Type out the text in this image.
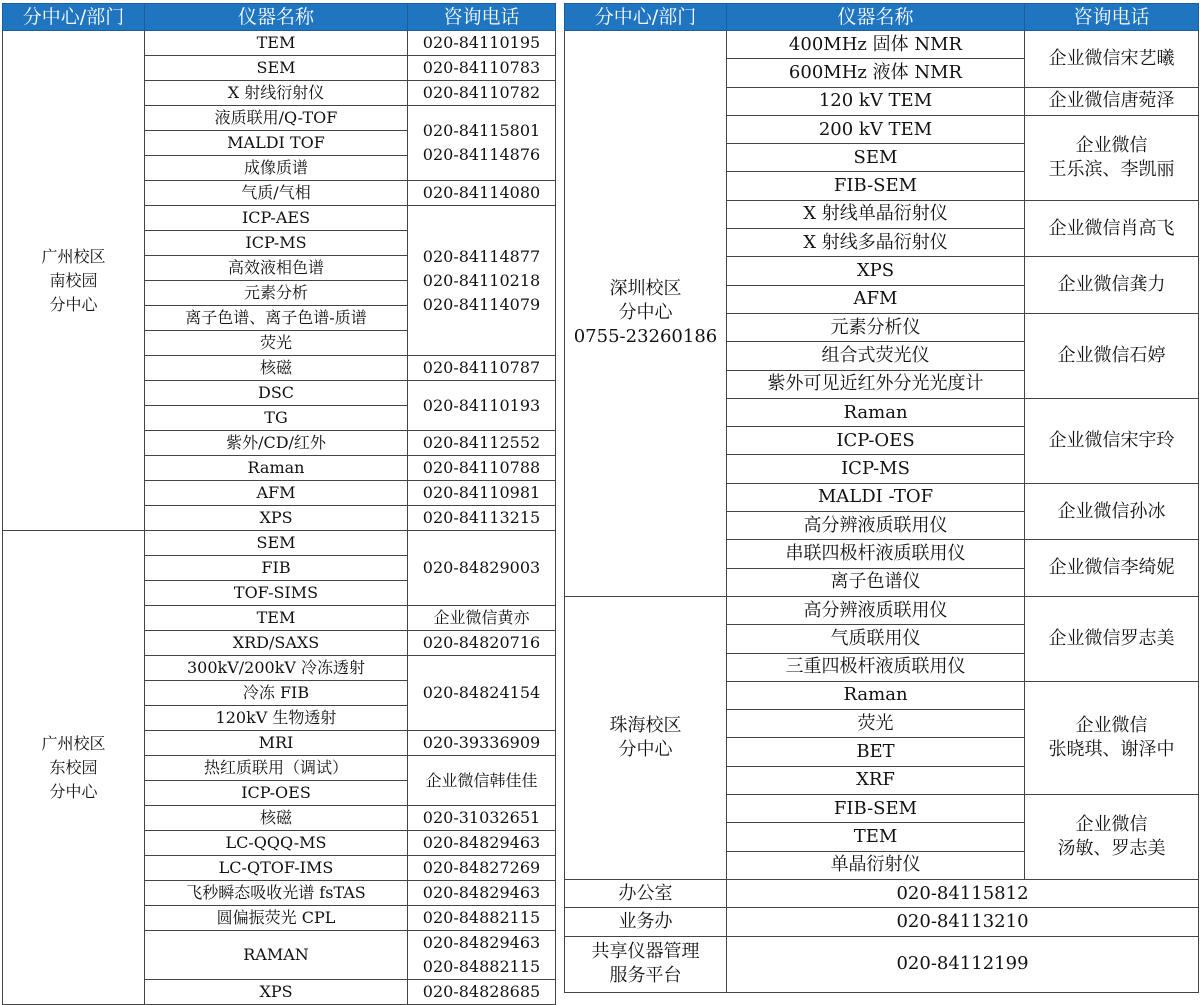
分中心/部门	仪器名称	咨询电话

广州校区
南校园
分中心	TEM	020-84110195

	SEM	020-84110783

	X 射线衍射仪	020-84110782

	液质联用/Q-TOF	020-84115801
020-84114876

	MALDI TOF	
	成像质谱	
	气质/气相	020-84114080

	ICP-AES	020-84114877
020-84110218
020-84114079

	ICP-MS	
	高效液相色谱	
	元素分析	
	离子色谱、离子色谱-质谱	
	荧光	
	核磁	020-84110787

	DSC	020-84110193

	TG	
	紫外/CD/红外	020-84112552

	Raman	020-84110788

	AFM	020-84110981

	XPS	020-84113215

广州校区
东校园
分中心	SEM	020-84829003

	FIB	
	TOF-SIMS	
	TEM	企业微信黄亦

	XRD/SAXS	020-84820716

	300kV/200kV 冷冻透射	020-84824154

	冷冻 FIB	
	120kV 生物透射	
	MRI	020-39336909

	热红质联用（调试）	企业微信韩佳佳

	ICP-OES	
	核磁	020-31032651

	LC-QQQ-MS	020-84829463

	LC-QTOF-IMS	020-84827269

	飞秒瞬态吸收光谱 fsTAS	020-84829463

	圆偏振荧光 CPL	020-84882115

	RAMAN	020-84829463
020-84882115

	XPS	020-84828685
分中心/部门	仪器名称	咨询电话

深圳校区
分中心
0755-23260186	400MHz 固体 NMR	企业微信宋艺曦

	600MHz 液体 NMR	
	120 kV TEM	企业微信唐菀泽

	200 kV TEM	企业微信
王乐滨、李凯丽

	SEM	
	FIB-SEM	
	X 射线单晶衍射仪	企业微信肖高飞

	X 射线多晶衍射仪	
	XPS	企业微信龚力

	AFM	
	元素分析仪	企业微信石婷

	组合式荧光仪	
	紫外可见近红外分光光度计	
	Raman	企业微信宋宇玲

	ICP-OES	
	ICP-MS	
	MALDI -TOF	企业微信孙冰

	高分辨液质联用仪	
	串联四极杆液质联用仪	企业微信李绮妮

	离子色谱仪	

珠海校区
分中心	高分辨液质联用仪	企业微信罗志美

	气质联用仪	
	三重四极杆液质联用仪	
	Raman	企业微信
张晓琪、谢泽中

	荧光	
	BET	
	XRF	
	FIB-SEM	企业微信
汤敏、罗志美

	TEM	
	单晶衍射仪	

办公室	020-84115812	

业务办	020-84113210	

共享仪器管理
服务平台	020-84112199	
